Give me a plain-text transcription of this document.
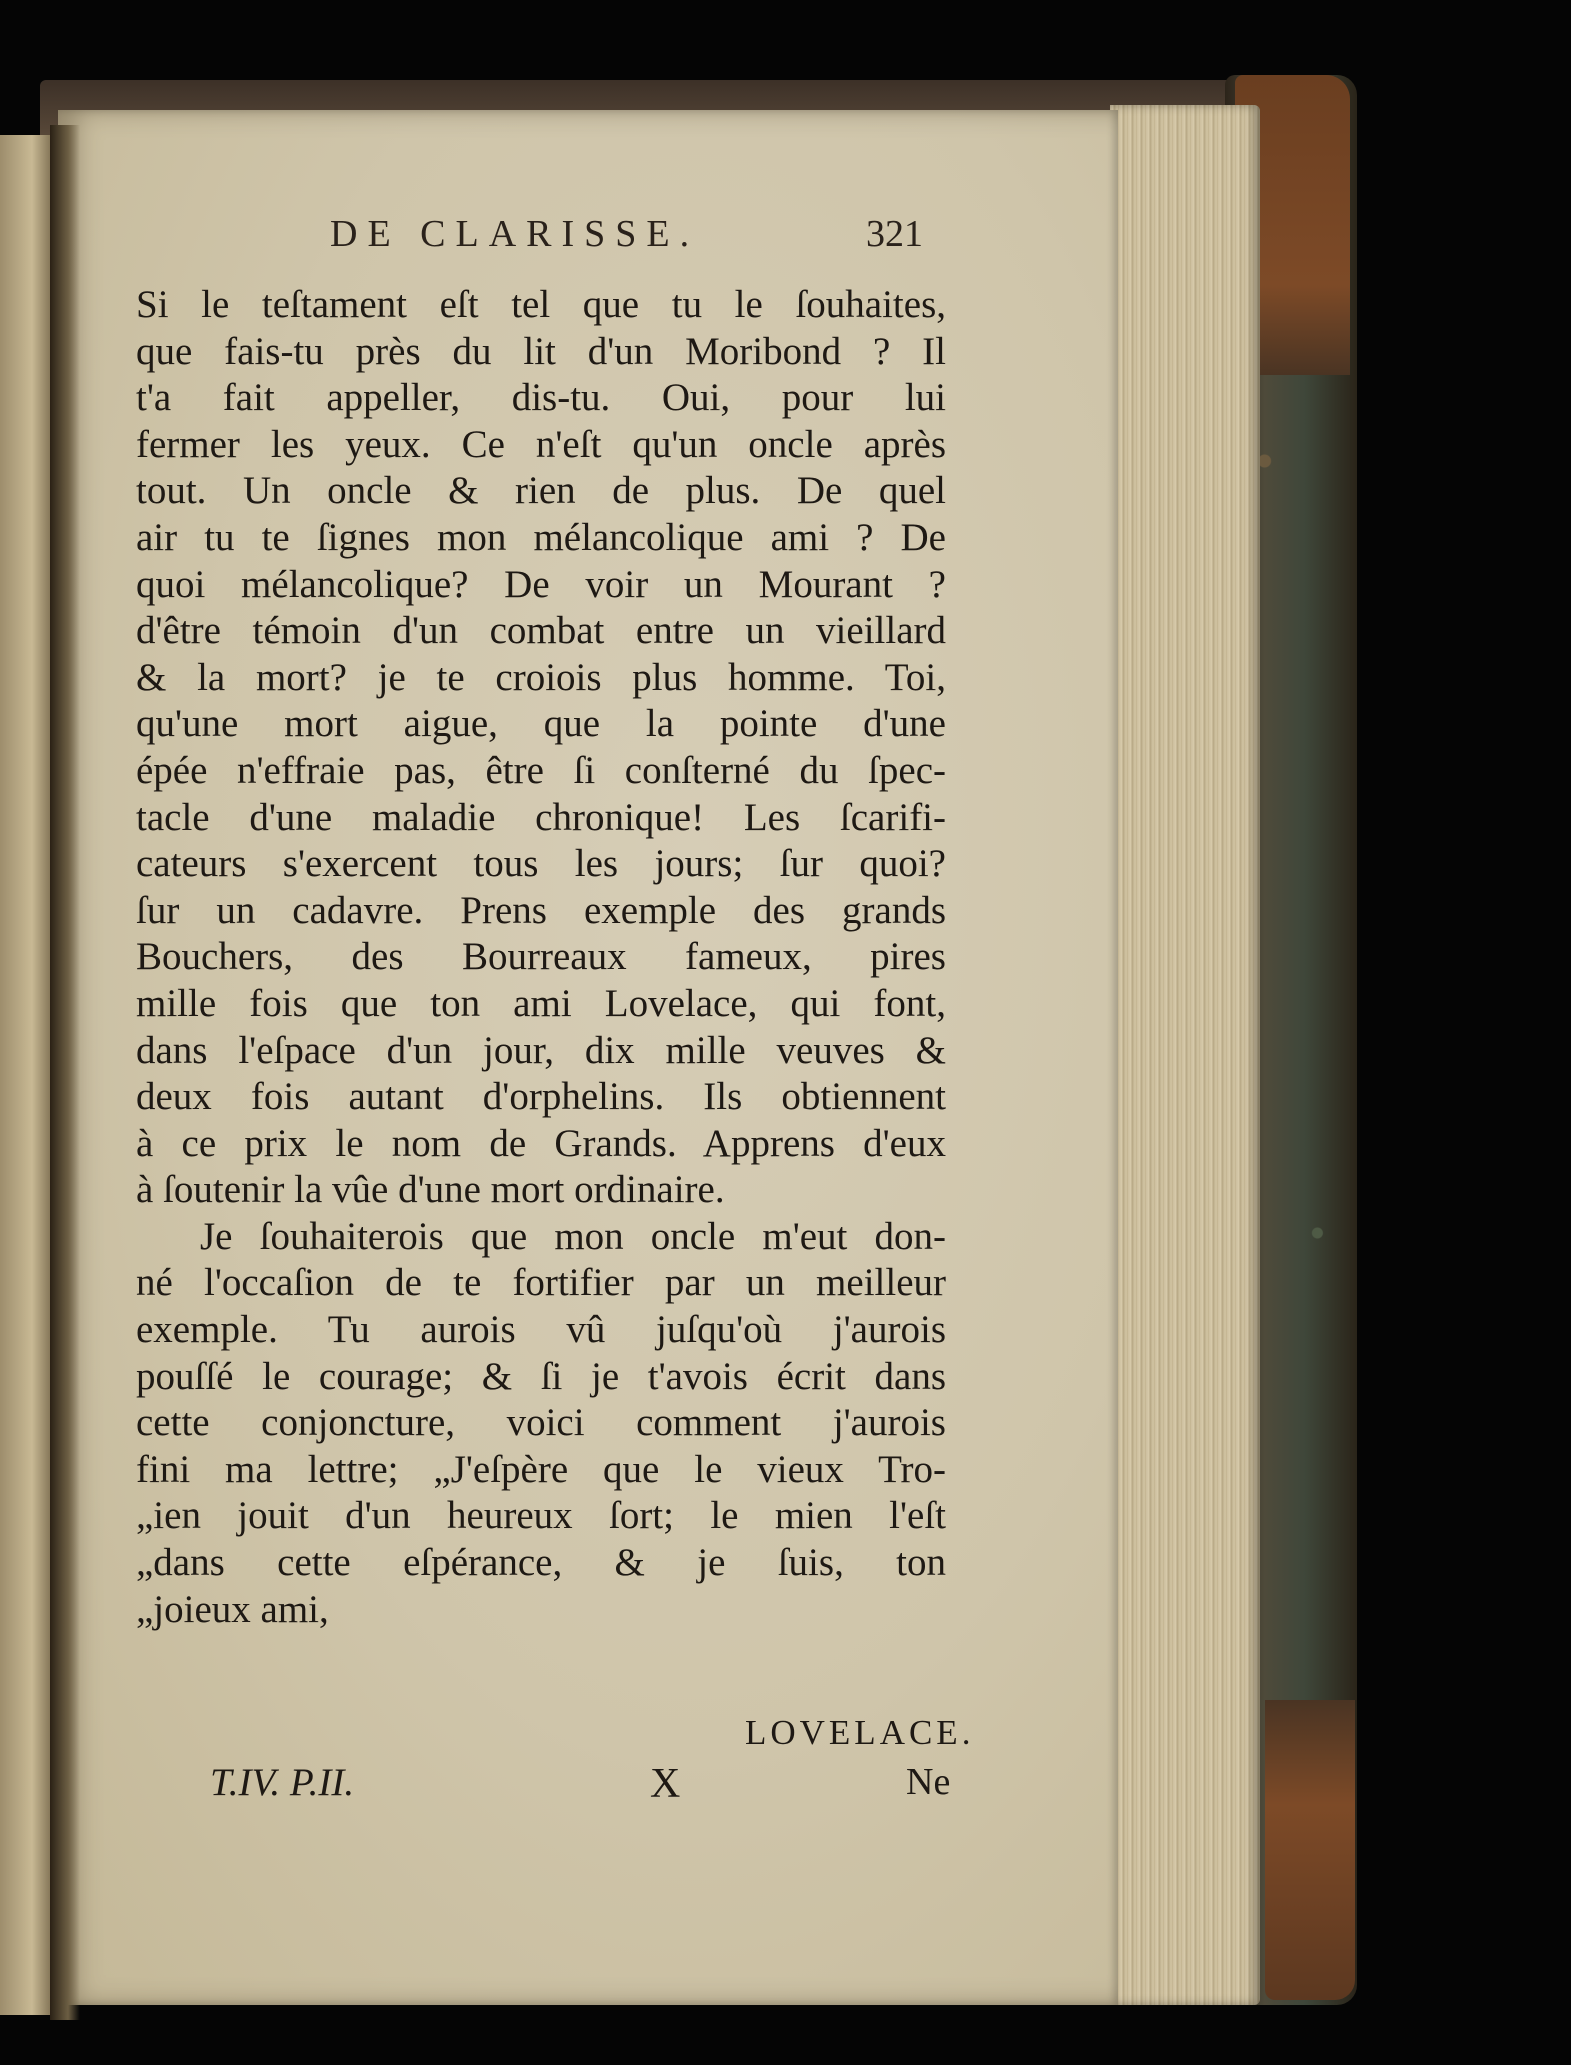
DE CLARISSE.	321
Si le teſtament eſt tel que tu le ſouhaites,
que fais-tu près du lit d'un Moribond ? Il
t'a fait appeller, dis-tu. Oui, pour lui
fermer les yeux. Ce n'eſt qu'un oncle après
tout. Un oncle & rien de plus. De quel
air tu te ſignes mon mélancolique ami ? De
quoi mélancolique? De voir un Mourant ?
d'être témoin d'un combat entre un vieillard
& la mort? je te croiois plus homme. Toi,
qu'une mort aigue, que la pointe d'une
épée n'effraie pas, être ſi conſterné du ſpec-
tacle d'une maladie chronique! Les ſcarifi-
cateurs s'exercent tous les jours; ſur quoi?
ſur un cadavre. Prens exemple des grands
Bouchers, des Bourreaux fameux, pires
mille fois que ton ami Lovelace, qui font,
dans l'eſpace d'un jour, dix mille veuves &
deux fois autant d'orphelins. Ils obtiennent
à ce prix le nom de Grands. Apprens d'eux
à ſoutenir la vûe d'une mort ordinaire.
Je ſouhaiterois que mon oncle m'eut don-
né l'occaſion de te fortifier par un meilleur
exemple. Tu aurois vû juſqu'où j'aurois
pouſſé le courage; & ſi je t'avois écrit dans
cette conjoncture, voici comment j'aurois
fini ma lettre; „J'eſpère que le vieux Tro-
„ien jouit d'un heureux ſort; le mien l'eſt
„dans cette eſpérance, & je ſuis, ton
„joieux ami,
LOVELACE.
T.IV. P.II.	X	Ne
